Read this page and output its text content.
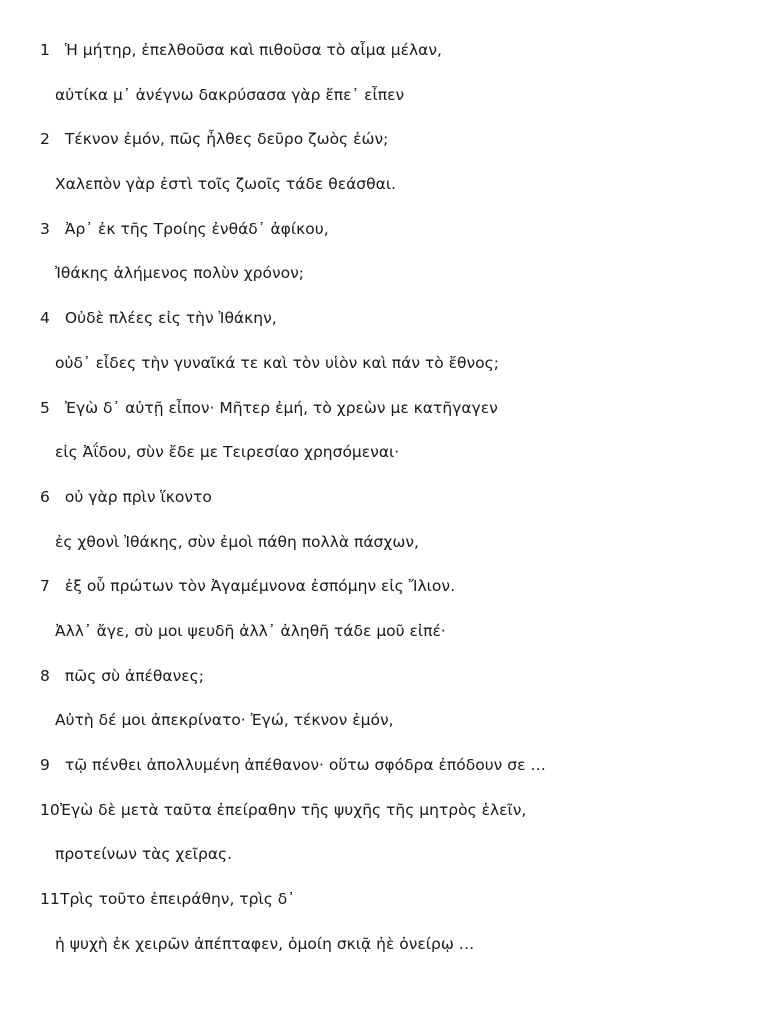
1 Ἡ μήτηρ, ἐπελθοῦσα καὶ πιθοῦσα τὸ αἷμα μέλαν,
αὐτίκα μ᾽ ἀνέγνω δακρύσασα γὰρ ἔπε᾽ εἶπεν
2 Τέκνον ἐμόν, πῶς ἦλθες δεῦρο ζωὸς ἐών;
Χαλεπὸν γὰρ ἐστὶ τοῖς ζωοῖς τάδε θεάσθαι.
3 Ἀρ᾽ ἐκ τῆς Τροίης ἐνθάδ᾽ ἀφίκου,
Ἰθάκης ἀλήμενος πολὺν χρόνον;
4 Οὐδὲ πλέες εἰς τὴν Ἰθάκην,
οὐδ᾽ εἶδες τὴν γυναῖκά τε καὶ τὸν υἱὸν καὶ πάν τὸ ἔθνος;
5 Ἐγὼ δ᾽ αὐτῇ εἶπον· Μῆτερ ἐμή, τὸ χρεὼν με κατῆγαγεν
εἰς Ἀΐδου, σὺν ἔδε με Τειρεσίαο χρησόμεναι·
6 οὐ γὰρ πρὶν ἵκοντο
ἐς χθονὶ Ἰθάκης, σὺν ἐμοὶ πάθη πολλὰ πάσχων,
7 ἐξ οὗ πρώτων τὸν Ἀγαμέμνονα ἐσπόμην εἰς Ἴλιον.
Ἀλλ᾽ ἄγε, σὺ μοι ψευδῆ ἀλλ᾽ ἀληθῆ τάδε μοῦ εἰπέ·
8 πῶς σὺ ἀπέθανες;
Αὐτὴ δέ μοι ἀπεκρίνατο· Ἐγώ, τέκνον ἐμόν,
9 τῷ πένθει ἀπολλυμένη ἀπέθανον· οὕτω σφόδρα ἐπόδουν σε …
10Ἐγὼ δὲ μετὰ ταῦτα ἐπείραθην τῆς ψυχῆς τῆς μητρὸς ἑλεῖν,
προτείνων τὰς χεῖρας.
11Τρὶς τοῦτο ἐπειράθην, τρὶς δ᾽
ἡ ψυχὴ ἐκ χειρῶν ἀπέπταφεν, ὁμοίη σκιᾷ ἠὲ ὀνείρῳ …
